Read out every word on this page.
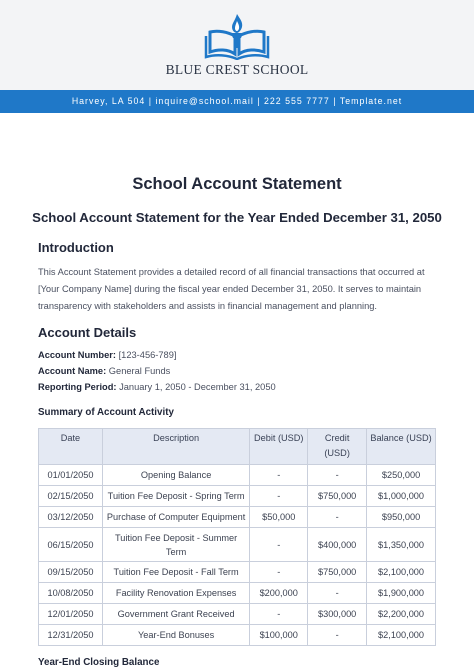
BLUE CREST SCHOOL
Harvey, LA 504 | inquire@school.mail | 222 555 7777 | Template.net
School Account Statement
School Account Statement for the Year Ended December 31, 2050
Introduction
This Account Statement provides a detailed record of all financial transactions that occurred at [Your Company Name] during the fiscal year ended December 31, 2050. It serves to maintain transparency with stakeholders and assists in financial management and planning.
Account Details
Account Number: [123-456-789]
Account Name: General Funds
Reporting Period: January 1, 2050 - December 31, 2050
Summary of Account Activity
Date	Description	Debit (USD)	Credit (USD)	Balance (USD)
01/01/2050	Opening Balance	-	-	$250,000
02/15/2050	Tuition Fee Deposit - Spring Term	-	$750,000	$1,000,000
03/12/2050	Purchase of Computer Equipment	$50,000	-	$950,000
06/15/2050	Tuition Fee Deposit - Summer Term	-	$400,000	$1,350,000
09/15/2050	Tuition Fee Deposit - Fall Term	-	$750,000	$2,100,000
10/08/2050	Facility Renovation Expenses	$200,000	-	$1,900,000
12/01/2050	Government Grant Received	-	$300,000	$2,200,000
12/31/2050	Year-End Bonuses	$100,000	-	$2,100,000
Year-End Closing Balance
